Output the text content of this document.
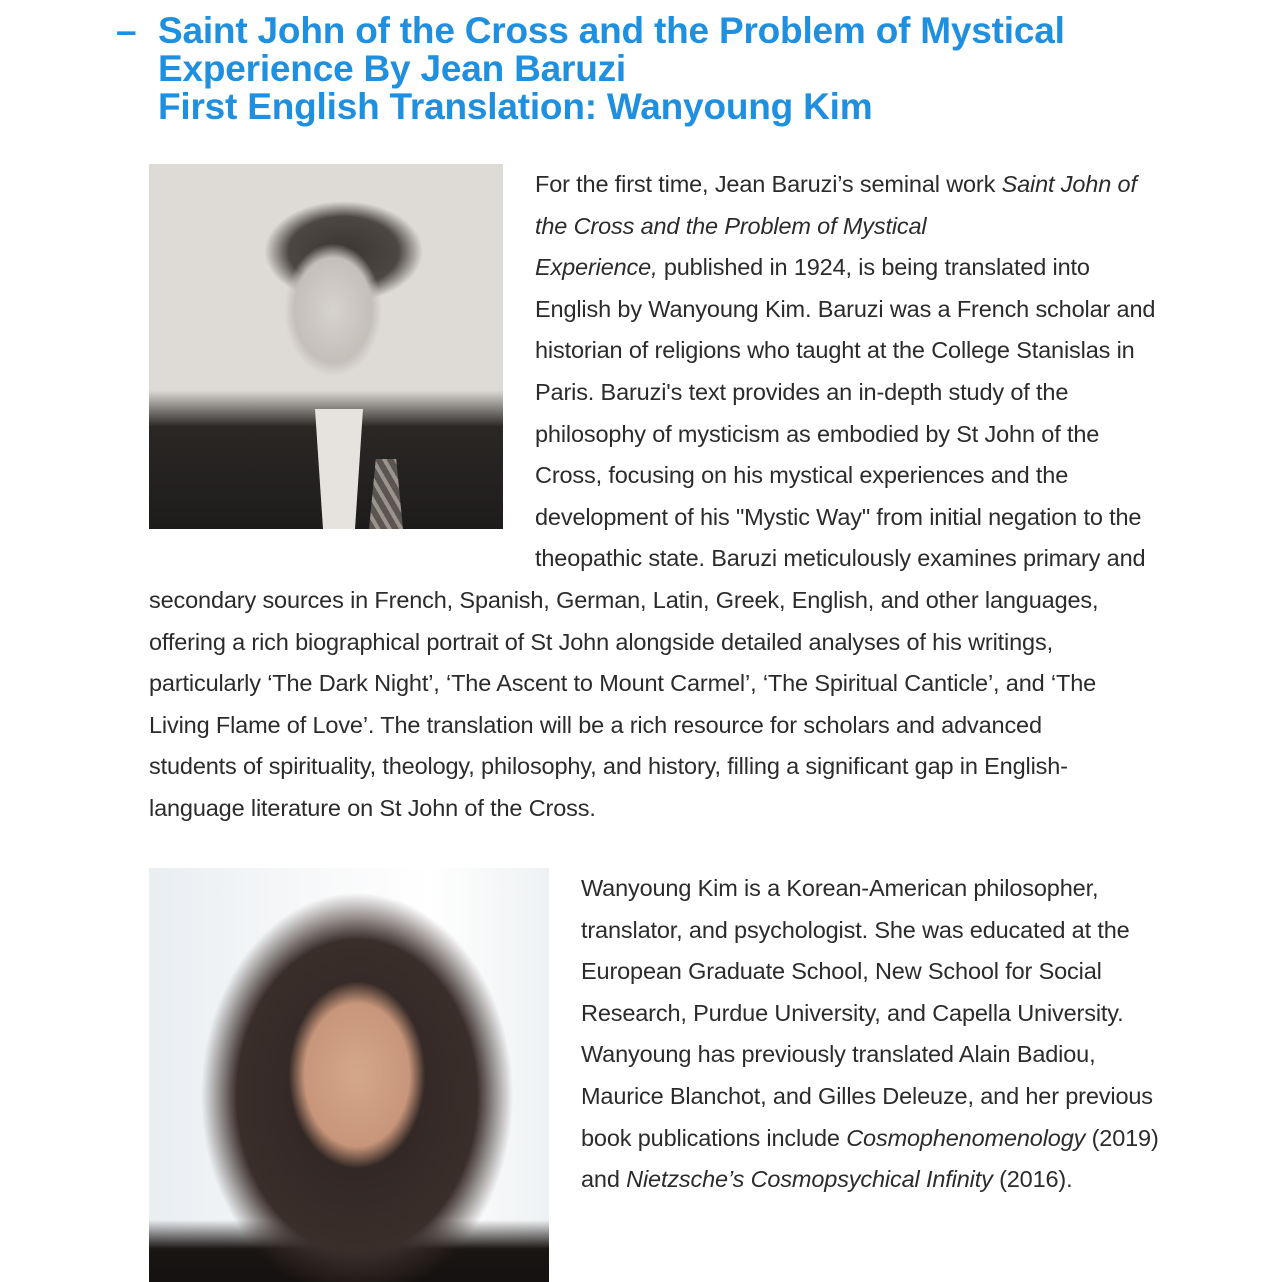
– Saint John of the Cross and the Problem of Mystical
Experience By Jean Baruzi
First English Translation: Wanyoung Kim
For the first time, Jean Baruzi’s seminal work Saint John of
the Cross and the Problem of Mystical
Experience, published in 1924, is being translated into
English by Wanyoung Kim. Baruzi was a French scholar and
historian of religions who taught at the College Stanislas in
Paris. Baruzi's text provides an in-depth study of the
philosophy of mysticism as embodied by St John of the
Cross, focusing on his mystical experiences and the
development of his "Mystic Way" from initial negation to the
theopathic state. Baruzi meticulously examines primary and
secondary sources in French, Spanish, German, Latin, Greek, English, and other languages,
offering a rich biographical portrait of St John alongside detailed analyses of his writings,
particularly ‘The Dark Night’, ‘The Ascent to Mount Carmel’, ‘The Spiritual Canticle’, and ‘The
Living Flame of Love’. The translation will be a rich resource for scholars and advanced
students of spirituality, theology, philosophy, and history, filling a significant gap in English-
language literature on St John of the Cross.
Wanyoung Kim is a Korean-American philosopher,
translator, and psychologist. She was educated at the
European Graduate School, New School for Social
Research, Purdue University, and Capella University.
Wanyoung has previously translated Alain Badiou,
Maurice Blanchot, and Gilles Deleuze, and her previous
book publications include Cosmophenomenology (2019)
and Nietzsche’s Cosmopsychical Infinity (2016).
